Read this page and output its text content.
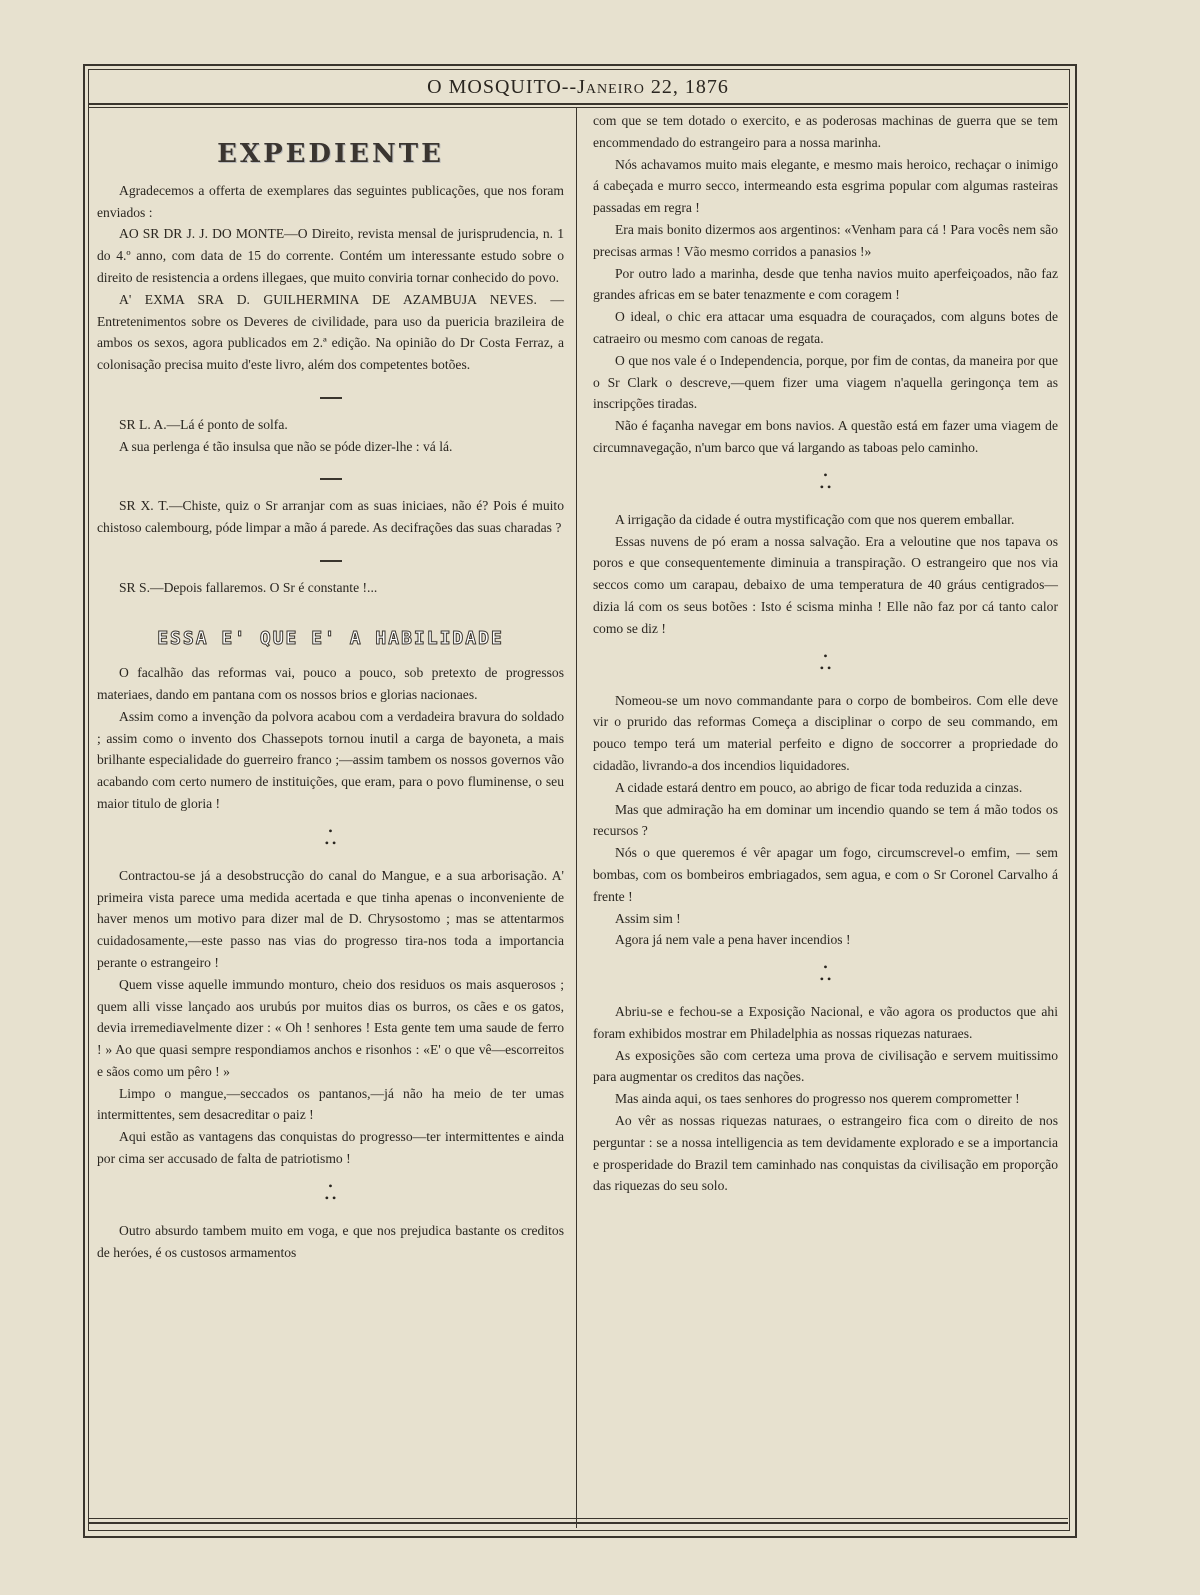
O MOSQUITO--Janeiro 22, 1876
EXPEDIENTE

Agradecemos a offerta de exemplares das seguintes publicações, que nos foram enviados :

AO SR DR J. J. DO MONTE—O Direito, revista mensal de jurisprudencia, n. 1 do 4.º anno, com data de 15 do corrente. Contém um interessante estudo sobre o direito de resistencia a ordens illegaes, que muito conviria tornar conhecido do povo.

A' EXMA SRA D. GUILHERMINA DE AZAMBUJA NEVES. —Entretenimentos sobre os Deveres de civilidade, para uso da puericia brazileira de ambos os sexos, agora publicados em 2.ª edição. Na opinião do Dr Costa Ferraz, a colonisação precisa muito d'este livro, além dos competentes botões.

SR L. A.—Lá é ponto de solfa.

A sua perlenga é tão insulsa que não se póde dizer-lhe : vá lá.

SR X. T.—Chiste, quiz o Sr arranjar com as suas iniciaes, não é? Pois é muito chistoso calembourg, póde limpar a mão á parede. As decifrações das suas charadas ?

SR S.—Depois fallaremos. O Sr é constante !...

ESSA E' QUE E' A HABILIDADE

O facalhão das reformas vai, pouco a pouco, sob pretexto de progressos materiaes, dando em pantana com os nossos brios e glorias nacionaes.

Assim como a invenção da polvora acabou com a verdadeira bravura do soldado ; assim como o invento dos Chassepots tornou inutil a carga de bayoneta, a mais brilhante especialidade do guerreiro franco ;—assim tambem os nossos governos vão acabando com certo numero de instituições, que eram, para o povo fluminense, o seu maior titulo de gloria !

•
• •

Contractou-se já a desobstrucção do canal do Mangue, e a sua arborisação. A' primeira vista parece uma medida acertada e que tinha apenas o inconveniente de haver menos um motivo para dizer mal de D. Chrysostomo ; mas se attentarmos cuidadosamente,—este passo nas vias do progresso tira-nos toda a importancia perante o estrangeiro !

Quem visse aquelle immundo monturo, cheio dos residuos os mais asquerosos ; quem alli visse lançado aos urubús por muitos dias os burros, os cães e os gatos, devia irremediavelmente dizer : « Oh ! senhores ! Esta gente tem uma saude de ferro ! » Ao que quasi sempre respondiamos anchos e risonhos : «E' o que vê—escorreitos e sãos como um pêro ! »

Limpo o mangue,—seccados os pantanos,—já não ha meio de ter umas intermittentes, sem desacreditar o paiz !

Aqui estão as vantagens das conquistas do progresso—ter intermittentes e ainda por cima ser accusado de falta de patriotismo !

•
• •

Outro absurdo tambem muito em voga, e que nos prejudica bastante os creditos de heróes, é os custosos armamentos

com que se tem dotado o exercito, e as poderosas machinas de guerra que se tem encommendado do estrangeiro para a nossa marinha.

Nós achavamos muito mais elegante, e mesmo mais heroico, rechaçar o inimigo á cabeçada e murro secco, intermeando esta esgrima popular com algumas rasteiras passadas em regra !

Era mais bonito dizermos aos argentinos: «Venham para cá ! Para vocês nem são precisas armas ! Vão mesmo corridos a panasios !»

Por outro lado a marinha, desde que tenha navios muito aperfeiçoados, não faz grandes africas em se bater tenazmente e com coragem !

O ideal, o chic era attacar uma esquadra de couraçados, com alguns botes de catraeiro ou mesmo com canoas de regata.

O que nos vale é o Independencia, porque, por fim de contas, da maneira por que o Sr Clark o descreve,—quem fizer uma viagem n'aquella geringonça tem as inscripções tiradas.

Não é façanha navegar em bons navios. A questão está em fazer uma viagem de circumnavegação, n'um barco que vá largando as taboas pelo caminho.

•
• •

A irrigação da cidade é outra mystificação com que nos querem emballar.

Essas nuvens de pó eram a nossa salvação. Era a veloutine que nos tapava os poros e que consequentemente diminuia a transpiração. O estrangeiro que nos via seccos como um carapau, debaixo de uma temperatura de 40 gráus centigrados—dizia lá com os seus botões : Isto é scisma minha ! Elle não faz por cá tanto calor como se diz !

•
• •

Nomeou-se um novo commandante para o corpo de bombeiros. Com elle deve vir o prurido das reformas Começa a disciplinar o corpo de seu commando, em pouco tempo terá um material perfeito e digno de soccorrer a propriedade do cidadão, livrando-a dos incendios liquidadores.

A cidade estará dentro em pouco, ao abrigo de ficar toda reduzida a cinzas.

Mas que admiração ha em dominar um incendio quando se tem á mão todos os recursos ?

Nós o que queremos é vêr apagar um fogo, circumscrevel-o emfim, — sem bombas, com os bombeiros embriagados, sem agua, e com o Sr Coronel Carvalho á frente !

Assim sim !

Agora já nem vale a pena haver incendios !

•
• •

Abriu-se e fechou-se a Exposição Nacional, e vão agora os productos que ahi foram exhibidos mostrar em Philadelphia as nossas riquezas naturaes.

As exposições são com certeza uma prova de civilisação e servem muitissimo para augmentar os creditos das nações.

Mas ainda aqui, os taes senhores do progresso nos querem comprometter !

Ao vêr as nossas riquezas naturaes, o estrangeiro fica com o direito de nos perguntar : se a nossa intelligencia as tem devidamente explorado e se a importancia e prosperidade do Brazil tem caminhado nas conquistas da civilisação em proporção das riquezas do seu solo.
